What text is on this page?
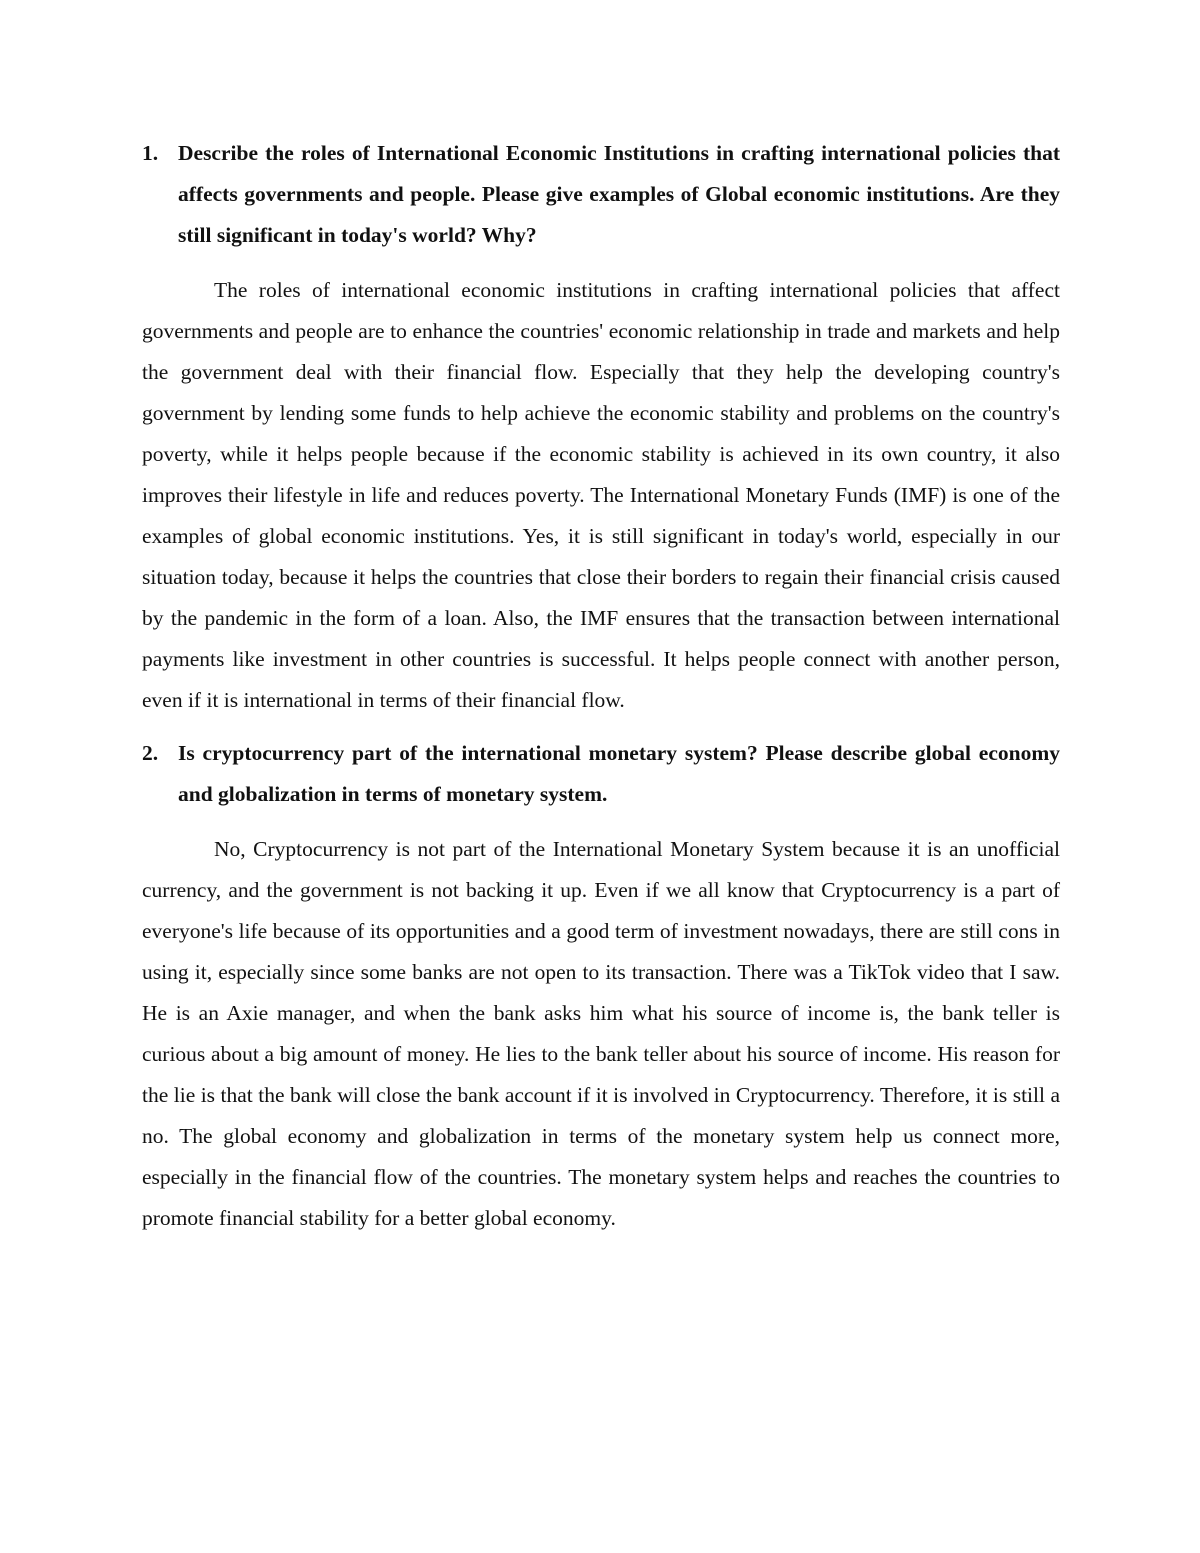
1. Describe the roles of International Economic Institutions in crafting international policies that affects governments and people. Please give examples of Global economic institutions. Are they still significant in today's world? Why?

The roles of international economic institutions in crafting international policies that affect governments and people are to enhance the countries' economic relationship in trade and markets and help the government deal with their financial flow. Especially that they help the developing country's government by lending some funds to help achieve the economic stability and problems on the country's poverty, while it helps people because if the economic stability is achieved in its own country, it also improves their lifestyle in life and reduces poverty. The International Monetary Funds (IMF) is one of the examples of global economic institutions. Yes, it is still significant in today's world, especially in our situation today, because it helps the countries that close their borders to regain their financial crisis caused by the pandemic in the form of a loan. Also, the IMF ensures that the transaction between international payments like investment in other countries is successful. It helps people connect with another person, even if it is international in terms of their financial flow.

2. Is cryptocurrency part of the international monetary system? Please describe global economy and globalization in terms of monetary system.

No, Cryptocurrency is not part of the International Monetary System because it is an unofficial currency, and the government is not backing it up. Even if we all know that Cryptocurrency is a part of everyone's life because of its opportunities and a good term of investment nowadays, there are still cons in using it, especially since some banks are not open to its transaction. There was a TikTok video that I saw. He is an Axie manager, and when the bank asks him what his source of income is, the bank teller is curious about a big amount of money. He lies to the bank teller about his source of income. His reason for the lie is that the bank will close the bank account if it is involved in Cryptocurrency. Therefore, it is still a no. The global economy and globalization in terms of the monetary system help us connect more, especially in the financial flow of the countries. The monetary system helps and reaches the countries to promote financial stability for a better global economy.
